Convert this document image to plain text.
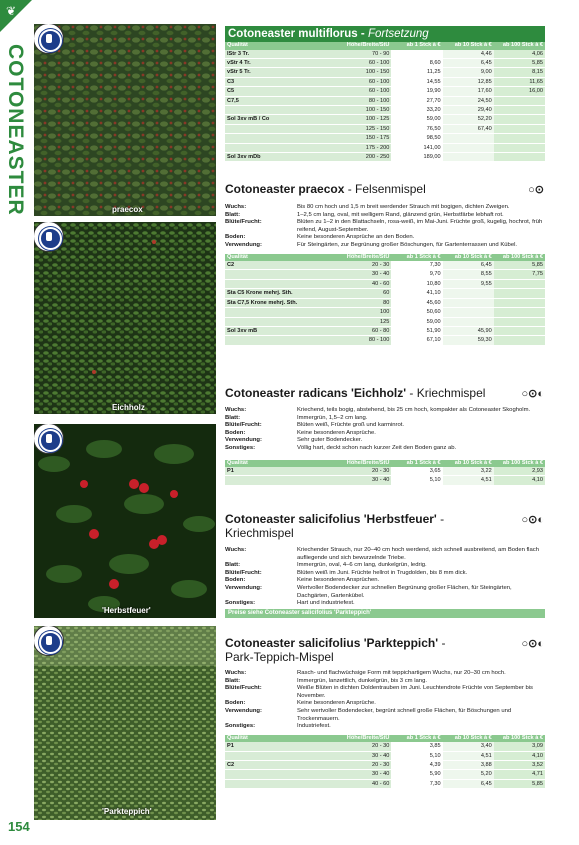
❦
COTONEASTER	praecox
Eichholz
'Herbstfeuer'
'Parkteppich'
154
Cotoneaster multiflorus - Fortsetzung
Qualität	Höhe/Breite/StU	ab 1 Stck à €	ab 10 Stck à €	ab 100 Stck à €
lStr 3 Tr.	70 - 90		4,46	4,06
vStr 4 Tr.	60 - 100	8,60	6,45	5,85
vStr 5 Tr.	100 - 150	11,25	9,00	8,15
C3	60 - 100	14,55	12,85	11,65
C5	60 - 100	19,90	17,60	16,00
C7,5	80 - 100	27,70	24,50	
	100 - 150	33,20	29,40	
Sol 3xv mB / Co	100 - 125	59,00	52,20	
	125 - 150	76,50	67,40	
	150 - 175	98,50		
	175 - 200	141,00		
Sol 3xv mDb	200 - 250	189,00		
Cotoneaster praecox - Felsenmispel	○⊙
Wuchs:	Bis 80 cm hoch und 1,5 m breit werdender Strauch mit bogigen, dichten Zweigen.
Blatt:	1–2,5 cm lang, oval, mit welligem Rand, glänzend grün, Herbstfärbe lebhaft rot.
Blüte/Frucht:	Blüten zu 1–2 in den Blattachseln, rosa-weiß, im Mai-Juni. Früchte groß, kugelig, hochrot, früh reifend, August-September.
Boden:	Keine besonderen Ansprüche an den Boden.
Verwendung:	Für Steingärten, zur Begrünung großer Böschungen, für Gartenterrassen und Kübel.
Qualität	Höhe/Breite/StU	ab 1 Stck à €	ab 10 Stck à €	ab 100 Stck à €
C2	20 - 30	7,30	6,45	5,85
	30 - 40	9,70	8,55	7,75
	40 - 60	10,80	9,55	
Sta C5 Krone mehrj. Sth.	60	41,10		
Sta C7,5 Krone mehrj. Sth.	80	45,60		
	100	50,60		
	125	59,00		
Sol 3xv mB	60 - 80	51,90	45,90	
	80 - 100	67,10	59,30	
Cotoneaster radicans 'Eichholz' - Kriechmispel	○⊙◐
Wuchs:	Kriechend, teils bogig, abstehend, bis 25 cm hoch, kompakter als Cotoneaster Skogholm.
Blatt:	Immergrün, 1,5–2 cm lang.
Blüte/Frucht:	Blüten weiß, Früchte groß und karminrot.
Boden:	Keine besonderen Ansprüche.
Verwendung:	Sehr guter Bodendecker.
Sonstiges:	Völlig hart, deckt schon nach kurzer Zeit den Boden ganz ab.
Qualität	Höhe/Breite/StU	ab 1 Stck à €	ab 10 Stck à €	ab 100 Stck à €
P1	20 - 30	3,65	3,22	2,93
	30 - 40	5,10	4,51	4,10
Cotoneaster salicifolius 'Herbstfeuer' - Kriechmispel
○⊙◐
Wuchs:	Kriechender Strauch, nur 20–40 cm hoch werdend, sich schnell ausbreitend, am Boden flach aufliegende und sich bewurzelnde Triebe.
Blatt:	Immergrün, oval, 4–6 cm lang, dunkelgrün, ledrig.
Blüte/Frucht:	Blüten weiß im Juni. Früchte hellrot in Trugdolden, bis 8 mm dick.
Boden:	Keine besonderen Ansprüchen.
Verwendung:	Wertvoller Bodendecker zur schnellen Begrünung großer Flächen, für Steingärten, Dachgärten, Gartenkübel.
Sonstiges:	Hart und industriefest.
Preise siehe Cotoneaster salicifolius 'Parkteppich'
Cotoneaster salicifolius 'Parkteppich' -
Park-Teppich-Mispel
○⊙◐
Wuchs:	Rasch- und flachwüchsige Form mit teppichartigem Wuchs, nur 20–30 cm hoch.
Blatt:	Immergrün, lanzettlich, dunkelgrün, bis 3 cm lang.
Blüte/Frucht:	Weiße Blüten in dichten Doldentrauben im Juni. Leuchtendrote Früchte von September bis November.
Boden:	Keine besonderen Ansprüche.
Verwendung:	Sehr wertvoller Bodendecker, begrünt schnell große Flächen, für Böschungen und Trockenmauern.
Sonstiges:	Industriefest.
Qualität	Höhe/Breite/StU	ab 1 Stck à €	ab 10 Stck à €	ab 100 Stck à €
P1	20 - 30	3,85	3,40	3,09
	30 - 40	5,10	4,51	4,10
C2	20 - 30	4,39	3,88	3,52
	30 - 40	5,90	5,20	4,71
	40 - 60	7,30	6,45	5,85
